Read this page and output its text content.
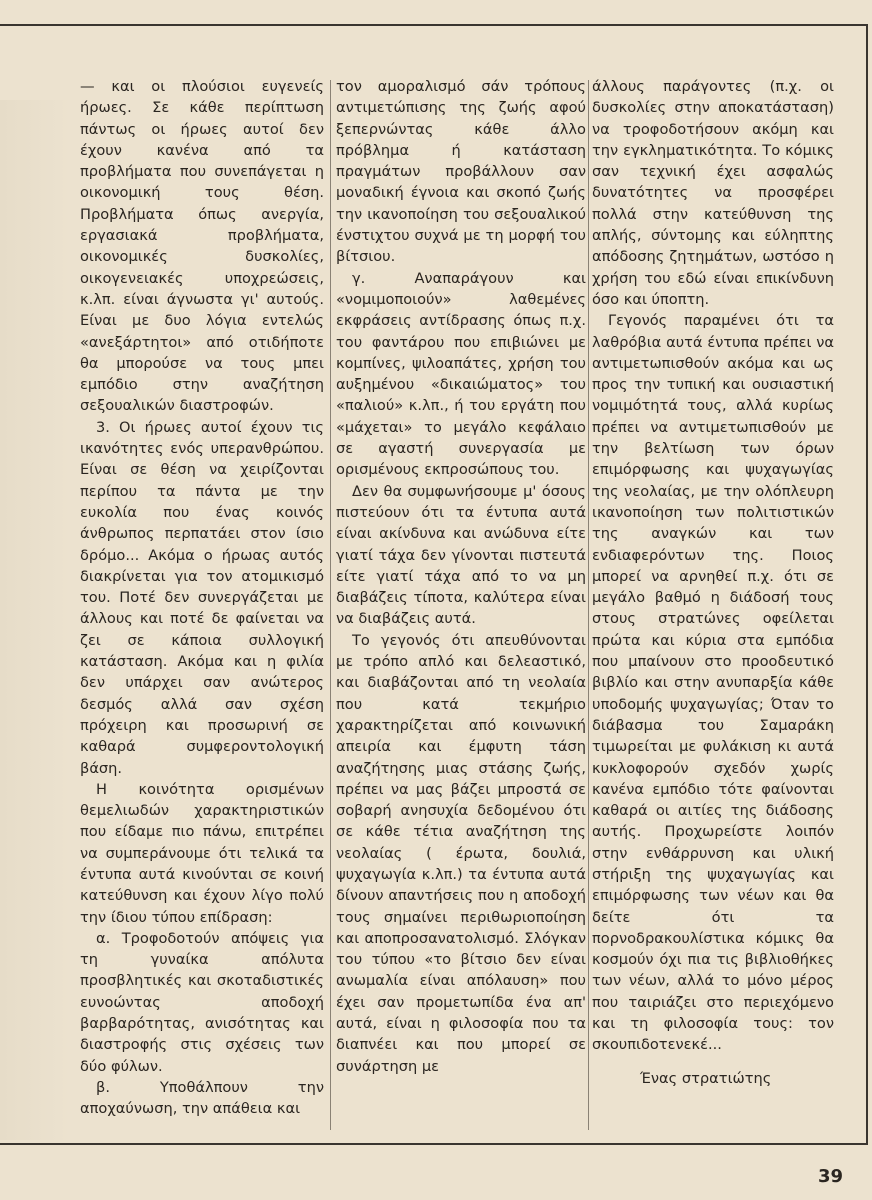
— και οι πλούσιοι ευγενείς ήρωες. Σε κάθε περίπτωση πάντως οι ήρωες αυτοί δεν έχουν κανένα από τα προβλήματα που συνεπάγεται η οικονομική τους θέση. Προβλήματα όπως ανεργία, εργασιακά προβλήματα, οικονομικές δυσκολίες, οικογενειακές υποχρεώσεις, κ.λπ. είναι άγνωστα γι' αυτούς. Είναι με δυο λόγια εντελώς «ανεξάρτητοι» από οτιδήποτε θα μπορούσε να τους μπει εμπόδιο στην αναζήτηση σεξουαλικών διαστροφών.

3. Οι ήρωες αυτοί έχουν τις ικανότητες ενός υπερανθρώπου. Είναι σε θέση να χειρίζονται περίπου τα πάντα με την ευκολία που ένας κοινός άνθρωπος περπατάει στον ίσιο δρόμο... Ακόμα ο ήρωας αυτός διακρίνεται για τον ατομικισμό του. Ποτέ δεν συνεργάζεται με άλλους και ποτέ δε φαίνεται να ζει σε κάποια συλλογική κατάσταση. Ακόμα και η φιλία δεν υπάρχει σαν ανώτερος δεσμός αλλά σαν σχέση πρόχειρη και προσωρινή σε καθαρά συμφεροντολογική βάση.

Η κοινότητα ορισμένων θεμελιωδών χαρακτηριστικών που είδαμε πιο πάνω, επιτρέπει να συμπεράνουμε ότι τελικά τα έντυπα αυτά κινούνται σε κοινή κατεύθυνση και έχουν λίγο πολύ την ίδιου τύπου επίδραση:

α. Τροφοδοτούν απόψεις για τη γυναίκα απόλυτα προσβλητικές και σκοταδιστικές ευνοώντας αποδοχή βαρβαρότητας, ανισότητας και διαστροφής στις σχέσεις των δύο φύλων.

β. Υποθάλπουν την αποχαύνωση, την απάθεια και

τον αμοραλισμό σάν τρόπους αντιμετώπισης της ζωής αφού ξεπερνώντας κάθε άλλο πρόβλημα ή κατάσταση πραγμάτων προβάλλουν σαν μοναδική έγνοια και σκοπό ζωής την ικανοποίηση του σεξουαλικού ένστιχτου συχνά με τη μορφή του βίτσιου.

γ. Αναπαράγουν και «νομιμοποιούν» λαθεμένες εκφράσεις αντίδρασης όπως π.χ. του φαντάρου που επιβιώνει με κομπίνες, ψιλοαπάτες, χρήση του αυξημένου «δικαιώματος» του «παλιού» κ.λπ., ή του εργάτη που «μάχεται» το μεγάλο κεφάλαιο σε αγαστή συνεργασία με ορισμένους εκπροσώπους του.

Δεν θα συμφωνήσουμε μ' όσους πιστεύουν ότι τα έντυπα αυτά είναι ακίνδυνα και ανώδυνα είτε γιατί τάχα δεν γίνονται πιστευτά είτε γιατί τάχα από το να μη διαβάζεις τίποτα, καλύτερα είναι να διαβάζεις αυτά.

Το γεγονός ότι απευθύνονται με τρόπο απλό και δελεαστικό, και διαβάζονται από τη νεολαία που κατά τεκμήριο χαρακτηρίζεται από κοινωνική απειρία και έμφυτη τάση αναζήτησης μιας στάσης ζωής, πρέπει να μας βάζει μπροστά σε σοβαρή ανησυχία δεδομένου ότι σε κάθε τέτια αναζήτηση της νεολαίας ( έρωτα, δουλιά, ψυχαγωγία κ.λπ.) τα έντυπα αυτά δίνουν απαντήσεις που η αποδοχή τους σημαίνει περιθωριοποίηση και αποπροσανατολισμό. Σλόγκαν του τύπου «το βίτσιο δεν είναι ανωμαλία είναι απόλαυση» που έχει σαν προμετωπίδα ένα απ' αυτά, είναι η φιλοσοφία που τα διαπνέει και που μπορεί σε συνάρτηση με

άλλους παράγοντες (π.χ. οι δυσκολίες στην αποκατάσταση) να τροφοδοτήσουν ακόμη και την εγκληματικότητα. Το κόμικς σαν τεχνική έχει ασφαλώς δυνατότητες να προσφέρει πολλά στην κατεύθυνση της απλής, σύντομης και εύληπτης απόδοσης ζητημάτων, ωστόσο η χρήση του εδώ είναι επικίνδυνη όσο και ύποπτη.

Γεγονός παραμένει ότι τα λαθρόβια αυτά έντυπα πρέπει να αντιμετωπισθούν ακόμα και ως προς την τυπική και ουσιαστική νομιμότητά τους, αλλά κυρίως πρέπει να αντιμετωπισθούν με την βελτίωση των όρων επιμόρφωσης και ψυχαγωγίας της νεολαίας, με την ολόπλευρη ικανοποίηση των πολιτιστικών της αναγκών και των ενδιαφερόντων της. Ποιος μπορεί να αρνηθεί π.χ. ότι σε μεγάλο βαθμό η διάδοσή τους στους στρατώνες οφείλεται πρώτα και κύρια στα εμπόδια που μπαίνουν στο προοδευτικό βιβλίο και στην ανυπαρξία κάθε υποδομής ψυχαγωγίας; Όταν το διάβασμα του Σαμαράκη τιμωρείται με φυλάκιση κι αυτά κυκλοφορούν σχεδόν χωρίς κανένα εμπόδιο τότε φαίνονται καθαρά οι αιτίες της διάδοσης αυτής. Προχωρείστε λοιπόν στην ενθάρρυνση και υλική στήριξη της ψυχαγωγίας και επιμόρφωσης των νέων και θα δείτε ότι τα πορνοδρακουλίστικα κόμικς θα κοσμούν όχι πια τις βιβλιοθήκες των νέων, αλλά το μόνο μέρος που ταιριάζει στο περιεχόμενο και τη φιλοσοφία τους: τον σκουπιδοτενεκέ...

Ένας στρατιώτης
39
